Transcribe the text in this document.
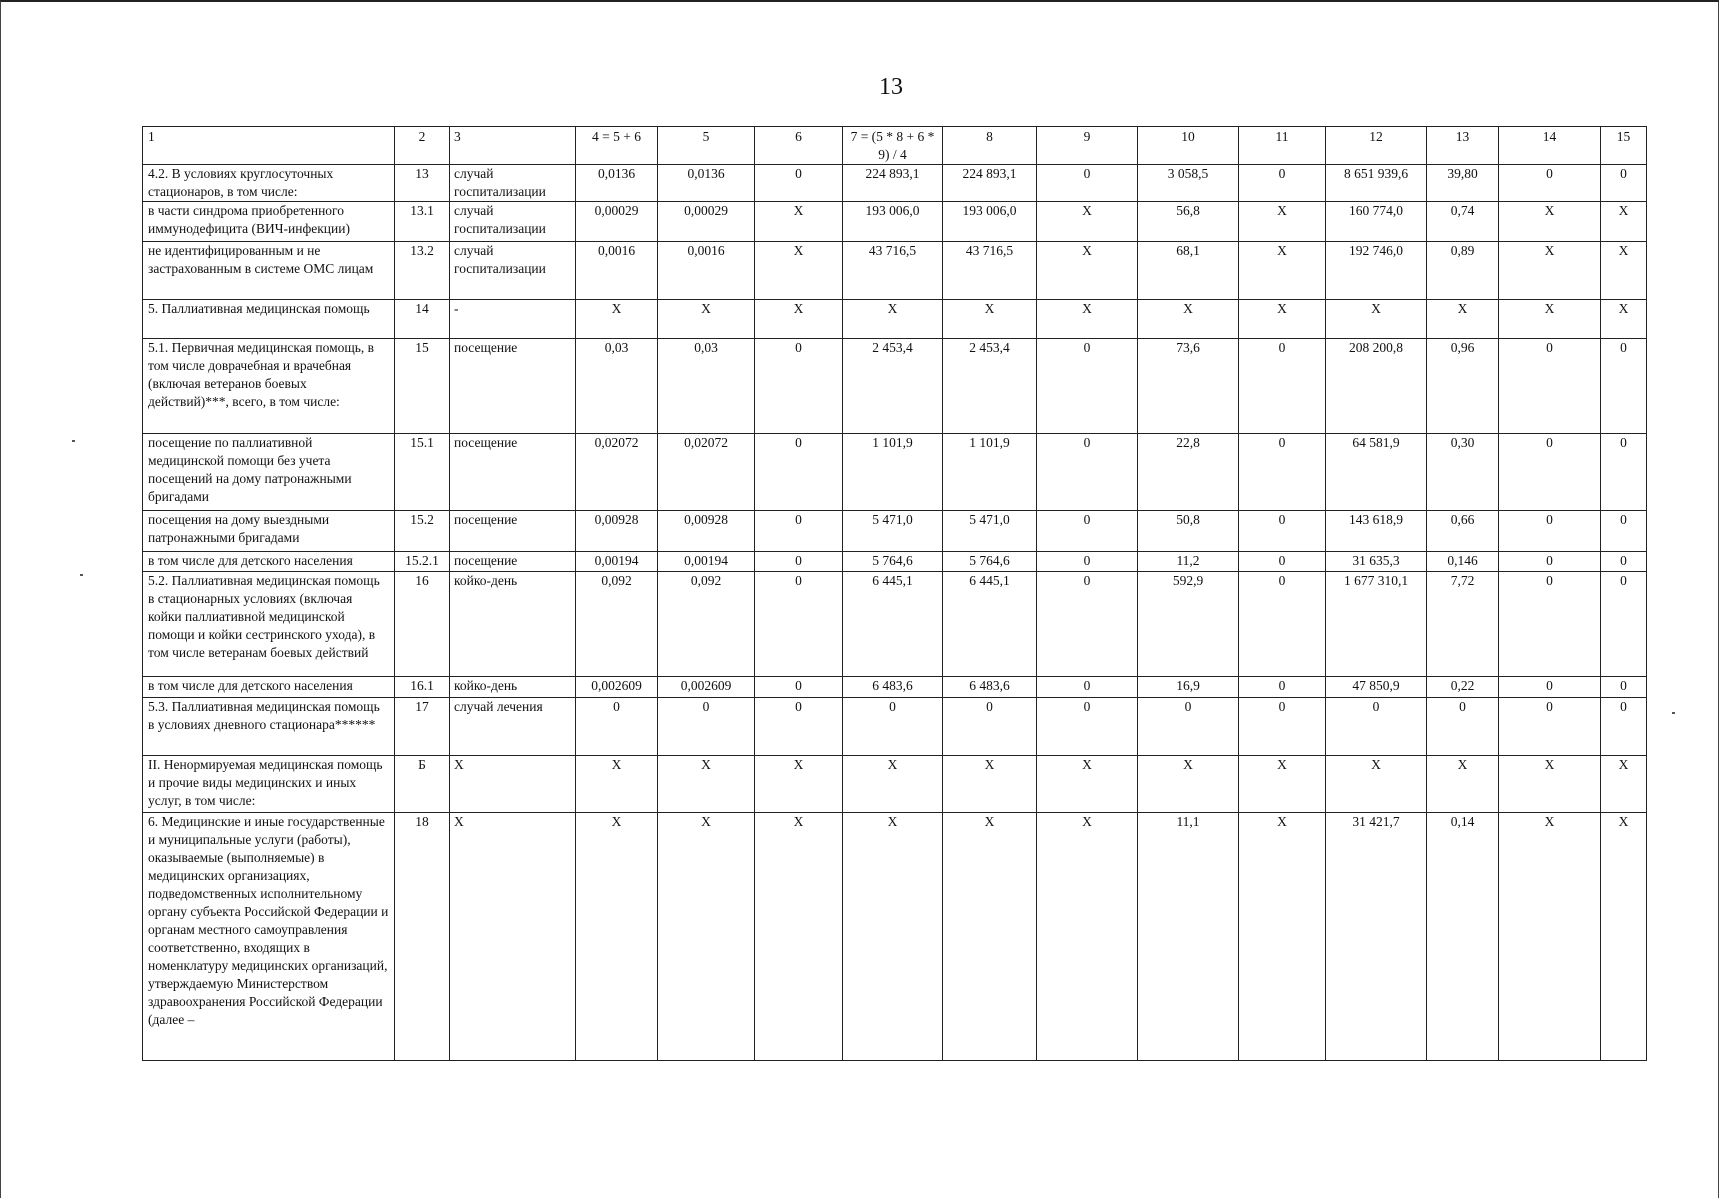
13
1	2	3	4 = 5 + 6	5	6	7 = (5 * 8 + 6 * 9) / 4	8	9	10	11	12	13	14	15
4.2. В условиях круглосуточных стационаров, в том числе:	13	случай госпитализации	0,0136	0,0136	0	224 893,1	224 893,1	0	3 058,5	0	8 651 939,6	39,80	0	0
в части синдрома приобретенного иммунодефицита (ВИЧ-инфекции)	13.1	случай госпитализации	0,00029	0,00029	Х	193 006,0	193 006,0	Х	56,8	Х	160 774,0	0,74	Х	Х
не идентифицированным и не застрахованным в системе ОМС лицам	13.2	случай госпитализации	0,0016	0,0016	Х	43 716,5	43 716,5	Х	68,1	Х	192 746,0	0,89	Х	Х
5. Паллиативная медицинская помощь	14	-	Х	Х	Х	Х	Х	Х	Х	Х	Х	Х	Х	Х
5.1. Первичная медицинская помощь, в том числе доврачебная и врачебная (включая ветеранов боевых действий)***, всего, в том числе:	15	посещение	0,03	0,03	0	2 453,4	2 453,4	0	73,6	0	208 200,8	0,96	0	0
посещение по паллиативной медицинской помощи без учета посещений на дому патронажными бригадами	15.1	посещение	0,02072	0,02072	0	1 101,9	1 101,9	0	22,8	0	64 581,9	0,30	0	0
посещения на дому выездными патронажными бригадами	15.2	посещение	0,00928	0,00928	0	5 471,0	5 471,0	0	50,8	0	143 618,9	0,66	0	0
в том числе для детского населения	15.2.1	посещение	0,00194	0,00194	0	5 764,6	5 764,6	0	11,2	0	31 635,3	0,146	0	0
5.2. Паллиативная медицинская помощь в стационарных условиях (включая койки паллиативной медицинской помощи и койки сестринского ухода), в том числе ветеранам боевых действий	16	койко-день	0,092	0,092	0	6 445,1	6 445,1	0	592,9	0	1 677 310,1	7,72	0	0
в том числе для детского населения	16.1	койко-день	0,002609	0,002609	0	6 483,6	6 483,6	0	16,9	0	47 850,9	0,22	0	0
5.3. Паллиативная медицинская помощь в условиях дневного стационара******	17	случай лечения	0	0	0	0	0	0	0	0	0	0	0	0
II. Ненормируемая медицинская помощь и прочие виды медицинских и иных услуг, в том числе:	Б	Х	Х	Х	Х	Х	Х	Х	Х	Х	Х	Х	Х	Х
6. Медицинские и иные государственные и муниципальные услуги (работы), оказываемые (выполняемые) в медицинских организациях, подведомственных исполнительному органу субъекта Российской Федерации и органам местного самоуправления соответственно, входящих в номенклатуру медицинских организаций, утверждаемую Министерством здравоохранения Российской Федерации (далее –	18	Х	Х	Х	Х	Х	Х	Х	11,1	Х	31 421,7	0,14	Х	Х
